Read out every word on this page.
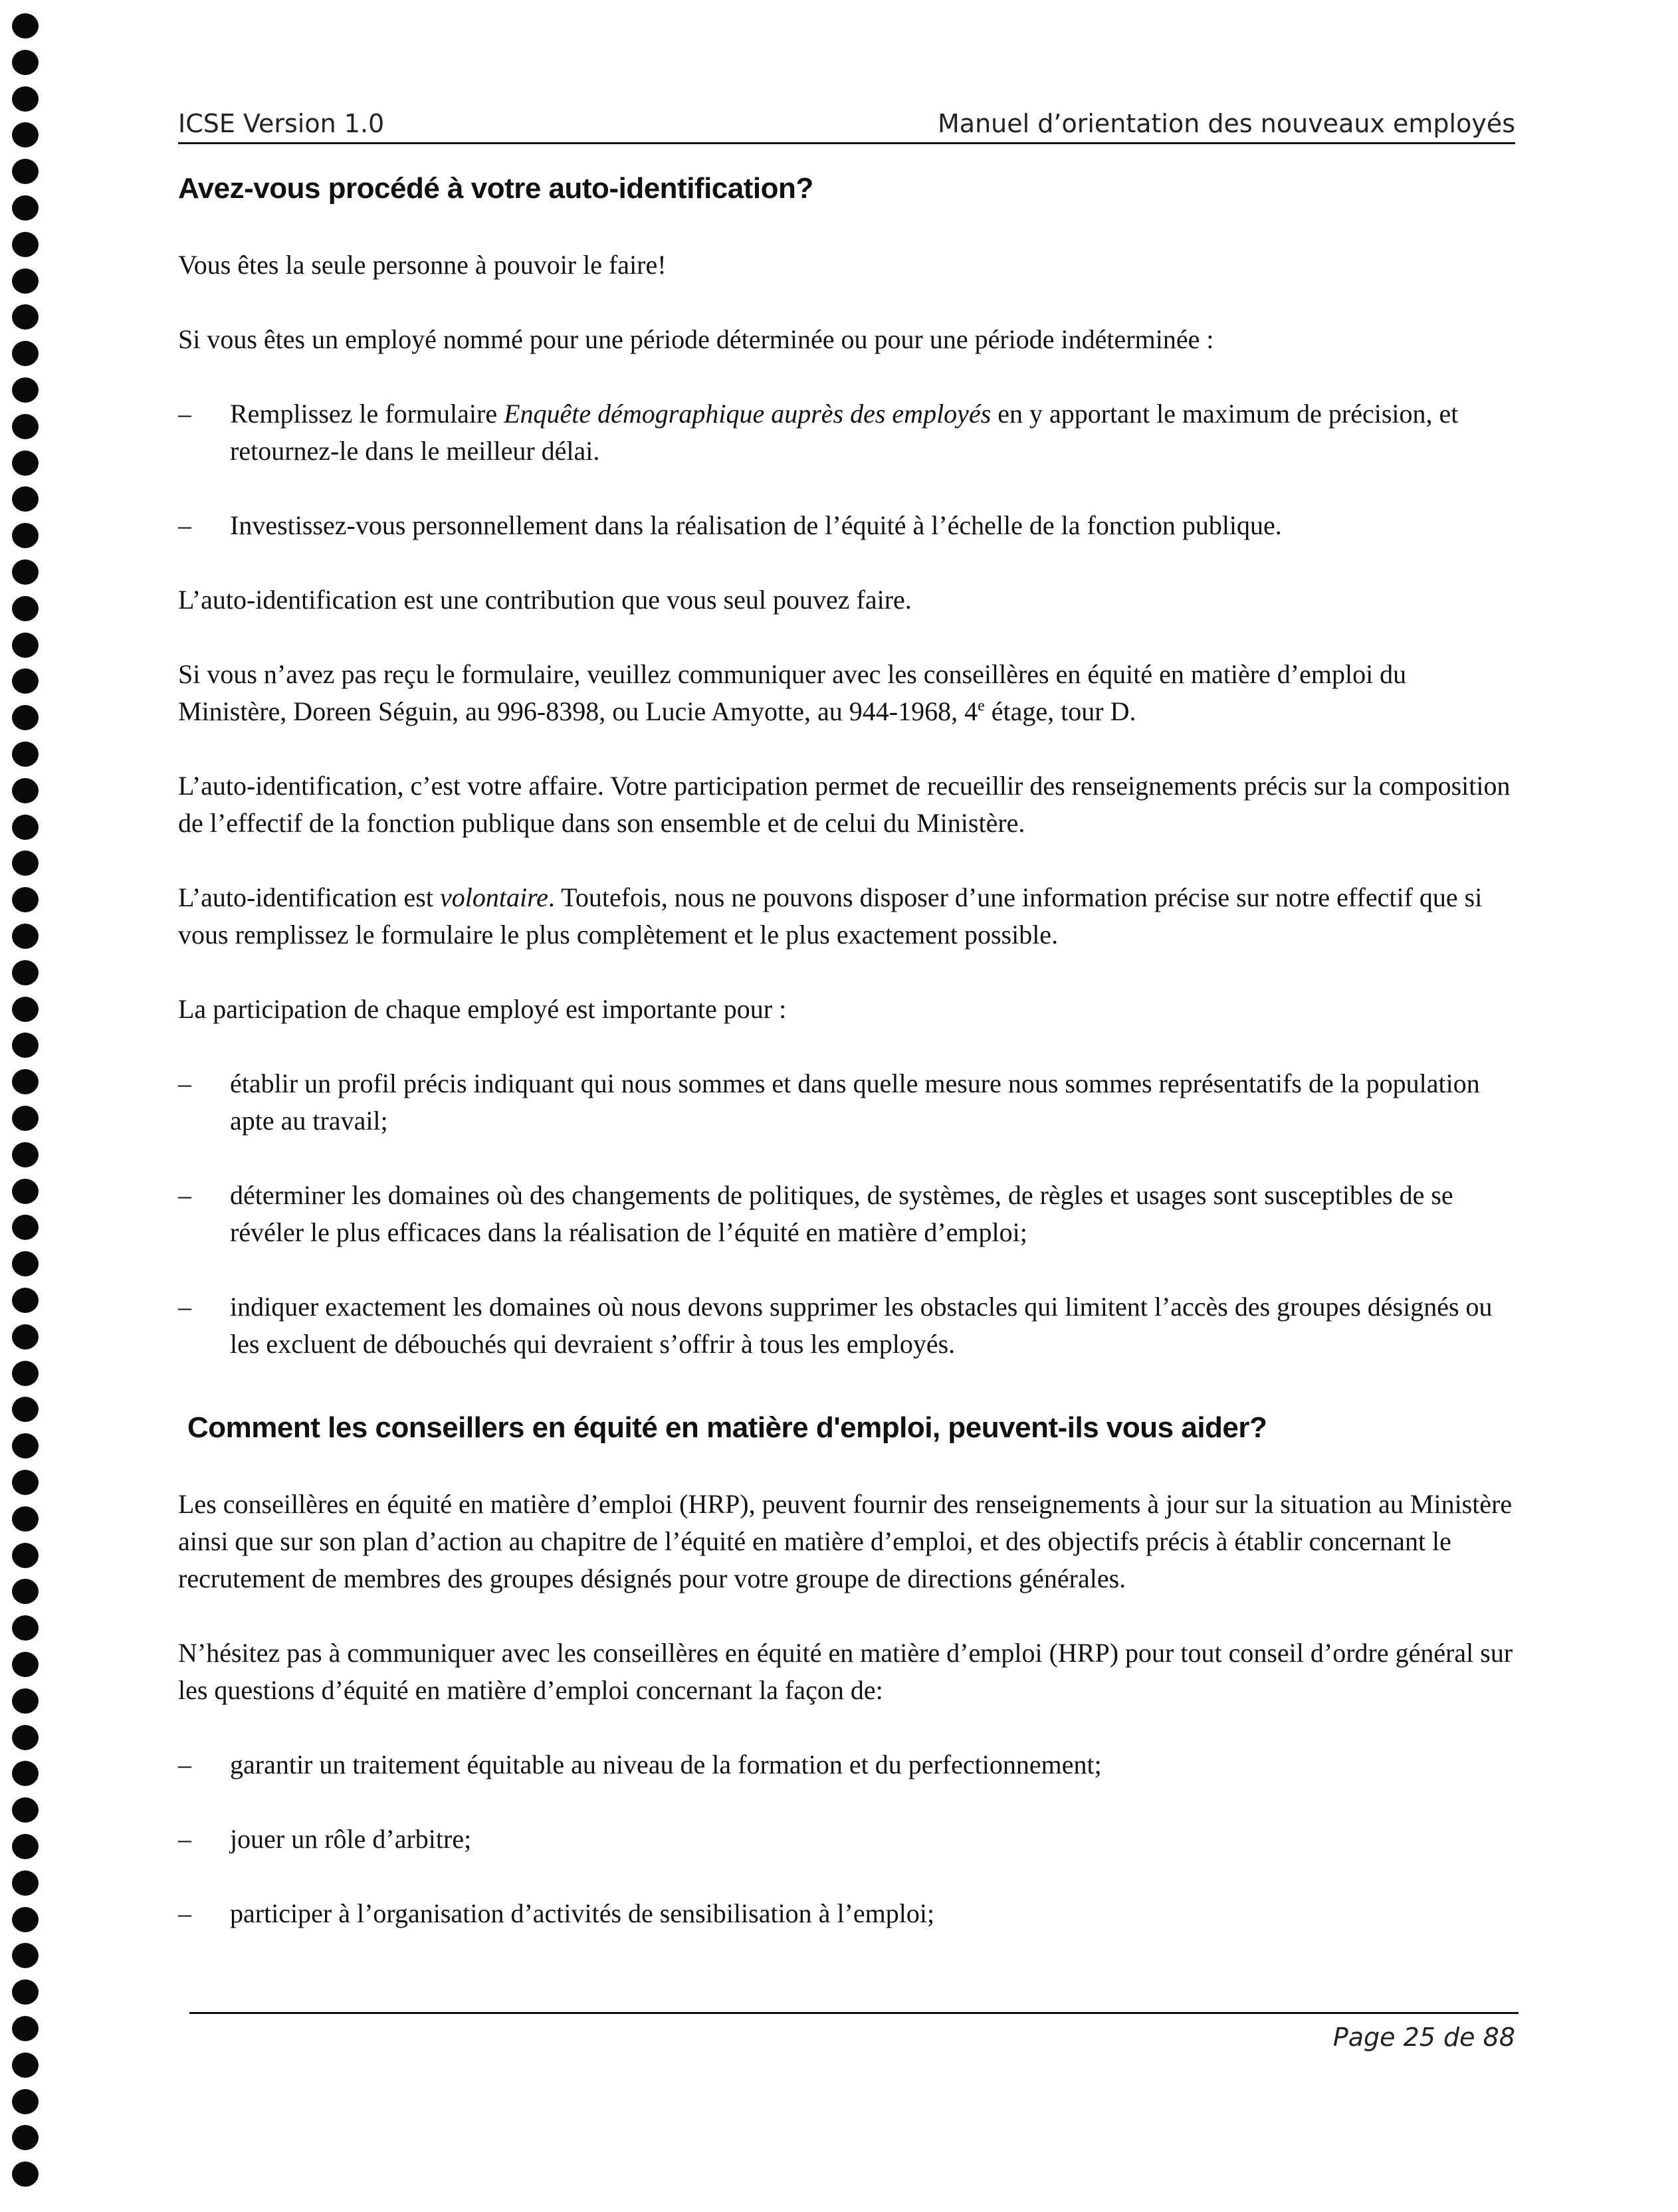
ICSE Version 1.0	Manuel d’orientation des nouveaux employés
Avez-vous procédé à votre auto-identification?

Vous êtes la seule personne à pouvoir le faire!

Si vous êtes un employé nommé pour une période déterminée ou pour une période indéterminée :

– Remplissez le formulaire Enquête démographique auprès des employés en y apportant le maximum de précision, et retournez-le dans le meilleur délai.
– Investissez-vous personnellement dans la réalisation de l’équité à l’échelle de la fonction publique.

L’auto-identification est une contribution que vous seul pouvez faire.

Si vous n’avez pas reçu le formulaire, veuillez communiquer avec les conseillères en équité en matière d’emploi du Ministère, Doreen Séguin, au 996-8398, ou Lucie Amyotte, au 944-1968, 4e étage, tour D.

L’auto-identification, c’est votre affaire. Votre participation permet de recueillir des renseignements précis sur la composition de l’effectif de la fonction publique dans son ensemble et de celui du Ministère.

L’auto-identification est volontaire. Toutefois, nous ne pouvons disposer d’une information précise sur notre effectif que si vous remplissez le formulaire le plus complètement et le plus exactement possible.

La participation de chaque employé est importante pour :

– établir un profil précis indiquant qui nous sommes et dans quelle mesure nous sommes représentatifs de la population apte au travail;
– déterminer les domaines où des changements de politiques, de systèmes, de règles et usages sont susceptibles de se révéler le plus efficaces dans la réalisation de l’équité en matière d’emploi;
– indiquer exactement les domaines où nous devons supprimer les obstacles qui limitent l’accès des groupes désignés ou les excluent de débouchés qui devraient s’offrir à tous les employés.
Comment les conseillers en équité en matière d'emploi, peuvent-ils vous aider?

Les conseillères en équité en matière d’emploi (HRP), peuvent fournir des renseignements à jour sur la situation au Ministère ainsi que sur son plan d’action au chapitre de l’équité en matière d’emploi, et des objectifs précis à établir concernant le recrutement de membres des groupes désignés pour votre groupe de directions générales.

N’hésitez pas à communiquer avec les conseillères en équité en matière d’emploi (HRP) pour tout conseil d’ordre général sur les questions d’équité en matière d’emploi concernant la façon de:

– garantir un traitement équitable au niveau de la formation et du perfectionnement;
– jouer un rôle d’arbitre;
– participer à l’organisation d’activités de sensibilisation à l’emploi;
Page 25 de 88
